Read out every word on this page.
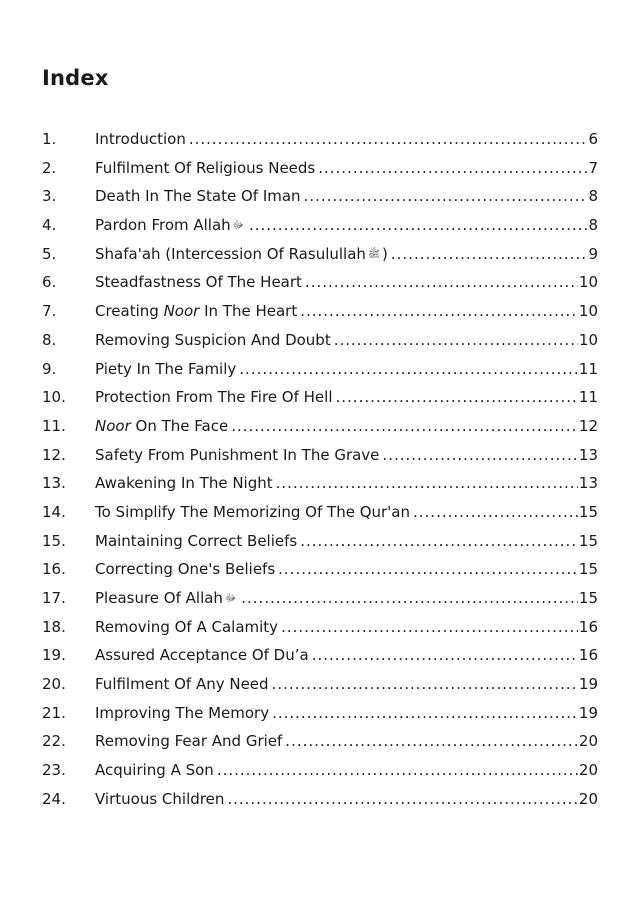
Index
1.	Introduction .....	6
2.	Fulfilment Of Religious Needs .....	7
3.	Death In The State Of Iman .....	8
4.	Pardon From Allah ﷻ .....	8
5.	Shafa'ah (Intercession Of Rasulullah ﷺ ) .....	9
6.	Steadfastness Of The Heart .....	10
7.	Creating Noor In The Heart .....	10
8.	Removing Suspicion And Doubt .....	10
9.	Piety In The Family .....	11
10.	Protection From The Fire Of Hell .....	11
11.	Noor On The Face .....	12
12.	Safety From Punishment In The Grave .....	13
13.	Awakening In The Night .....	13
14.	To Simplify The Memorizing Of The Qur'an .....	15
15.	Maintaining Correct Beliefs .....	15
16.	Correcting One's Beliefs .....	15
17.	Pleasure Of Allah ﷻ .....	15
18.	Removing Of A Calamity .....	16
19.	Assured Acceptance Of Du’a .....	16
20.	Fulfilment Of Any Need .....	19
21.	Improving The Memory .....	19
22.	Removing Fear And Grief .....	20
23.	Acquiring A Son .....	20
24.	Virtuous Children .....	20
